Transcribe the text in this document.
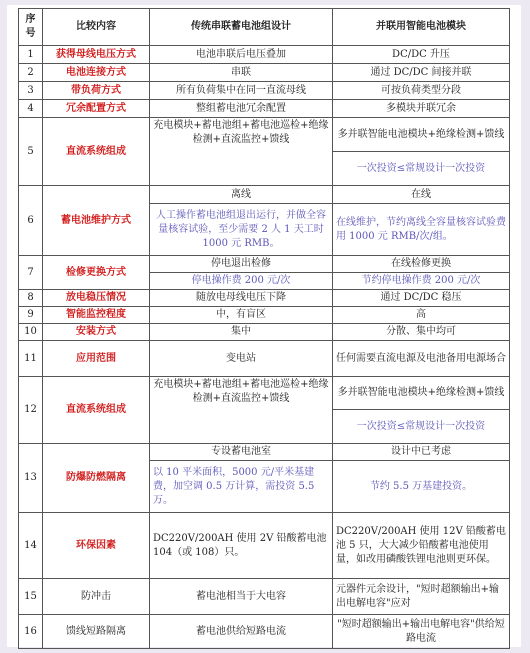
序号	比较内容	传统串联蓄电池组设计	并联用智能电池模块
1	获得母线电压方式	电池串联后电压叠加	DC/DC 升压
2	电池连接方式	串联	通过 DC/DC 间接并联
3	带负荷方式	所有负荷集中在同一直流母线	可按负荷类型分段
4	冗余配置方式	整组蓄电池冗余配置	多模块并联冗余
5	直流系统组成	充电模块+蓄电池组+蓄电池巡检+绝缘检测+直流监控+馈线	多并联智能电池模块+绝缘检测+馈线
			一次投资≤常规设计一次投资
6	蓄电池维护方式	离线	在线
		人工操作蓄电池组退出运行，并做全容量核容试验，至少需要 2 人 1 天工时 1000 元 RMB。	在线维护，节约离线全容量核容试验费用 1000 元 RMB/次/组。
7	检修更换方式	停电退出检修	在线检修更换
		停电操作费 200 元/次	节约停电操作费 200 元/次
8	放电稳压情况	随放电母线电压下降	通过 DC/DC 稳压
9	智能监控程度	中，有盲区	高
10	安装方式	集中	分散、集中均可
11	应用范围	变电站	任何需要直流电源及电池备用电源场合
12	直流系统组成	充电模块+蓄电池组+蓄电池巡检+绝缘检测+直流监控+馈线	多并联智能电池模块+绝缘检测+馈线
			一次投资≤常规设计一次投资
13	防爆防燃隔离	专设蓄电池室	设计中已考虑
		以 10 平米面积，5000 元/平米基建费，加空调 0.5 万计算，需投资 5.5 万。	节约 5.5 万基建投资。
14	环保因素	DC220V/200AH 使用 2V 铅酸蓄电池 104（或 108）只。	DC220V/200AH 使用 12V 铅酸蓄电池 5 只，大大减少铅酸蓄电池使用量，如改用磷酸铁锂电池则更环保。
15	防冲击	蓄电池相当于大电容	元器件元余设计，"短时超额输出+输出电解电容"应对
16	馈线短路隔离	蓄电池供给短路电流	"短时超额输出+输出电解电容"供给短路电流
